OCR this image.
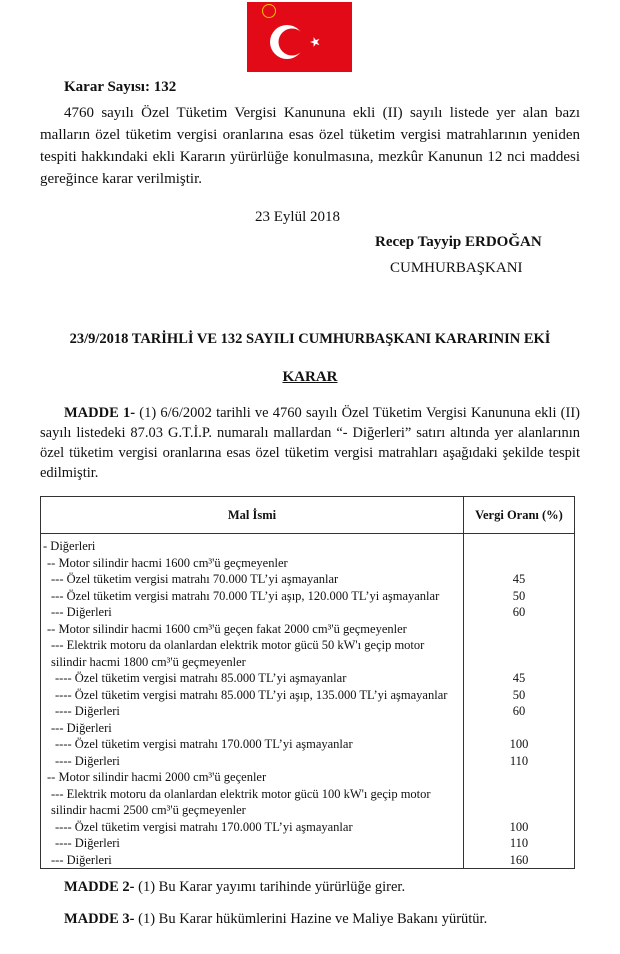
Karar Sayısı: 132
4760 sayılı Özel Tüketim Vergisi Kanununa ekli (II) sayılı listede yer alan bazı malların özel tüketim vergisi oranlarına esas özel tüketim vergisi matrahlarının yeniden tespiti hakkındaki ekli Kararın yürürlüğe konulmasına, mezkûr Kanunun 12 nci maddesi gereğince karar verilmiştir.
23 Eylül 2018
Recep Tayyip ERDOĞAN
CUMHURBAŞKANI
23/9/2018 TARİHLİ VE 132 SAYILI CUMHURBAŞKANI KARARININ EKİ
KARAR
MADDE 1- (1) 6/6/2002 tarihli ve 4760 sayılı Özel Tüketim Vergisi Kanununa ekli (II) sayılı listedeki 87.03 G.T.İ.P. numaralı mallardan “- Diğerleri” satırı altında yer alanlarının özel tüketim vergisi oranlarına esas özel tüketim vergisi matrahları aşağıdaki şekilde tespit edilmiştir.
Mal İsmi	Vergi Oranı (%)
- Diğerleri	
-- Motor silindir hacmi 1600 cm³'ü geçmeyenler	
--- Özel tüketim vergisi matrahı 70.000 TL’yi aşmayanlar	45
--- Özel tüketim vergisi matrahı 70.000 TL’yi aşıp, 120.000 TL’yi aşmayanlar	50
--- Diğerleri	60
-- Motor silindir hacmi 1600 cm³'ü geçen fakat 2000 cm³'ü geçmeyenler	
--- Elektrik motoru da olanlardan elektrik motor gücü 50 kW'ı geçip motor silindir hacmi 1800 cm³'ü geçmeyenler	
---- Özel tüketim vergisi matrahı 85.000 TL’yi aşmayanlar	45
---- Özel tüketim vergisi matrahı 85.000 TL’yi aşıp, 135.000 TL’yi aşmayanlar	50
---- Diğerleri	60
--- Diğerleri	
---- Özel tüketim vergisi matrahı 170.000 TL’yi aşmayanlar	100
---- Diğerleri	110
-- Motor silindir hacmi 2000 cm³'ü geçenler	
--- Elektrik motoru da olanlardan elektrik motor gücü 100 kW'ı geçip motor silindir hacmi 2500 cm³'ü geçmeyenler	
---- Özel tüketim vergisi matrahı 170.000 TL’yi aşmayanlar	100
---- Diğerleri	110
--- Diğerleri	160
MADDE 2- (1) Bu Karar yayımı tarihinde yürürlüğe girer.
MADDE 3- (1) Bu Karar hükümlerini Hazine ve Maliye Bakanı yürütür.
